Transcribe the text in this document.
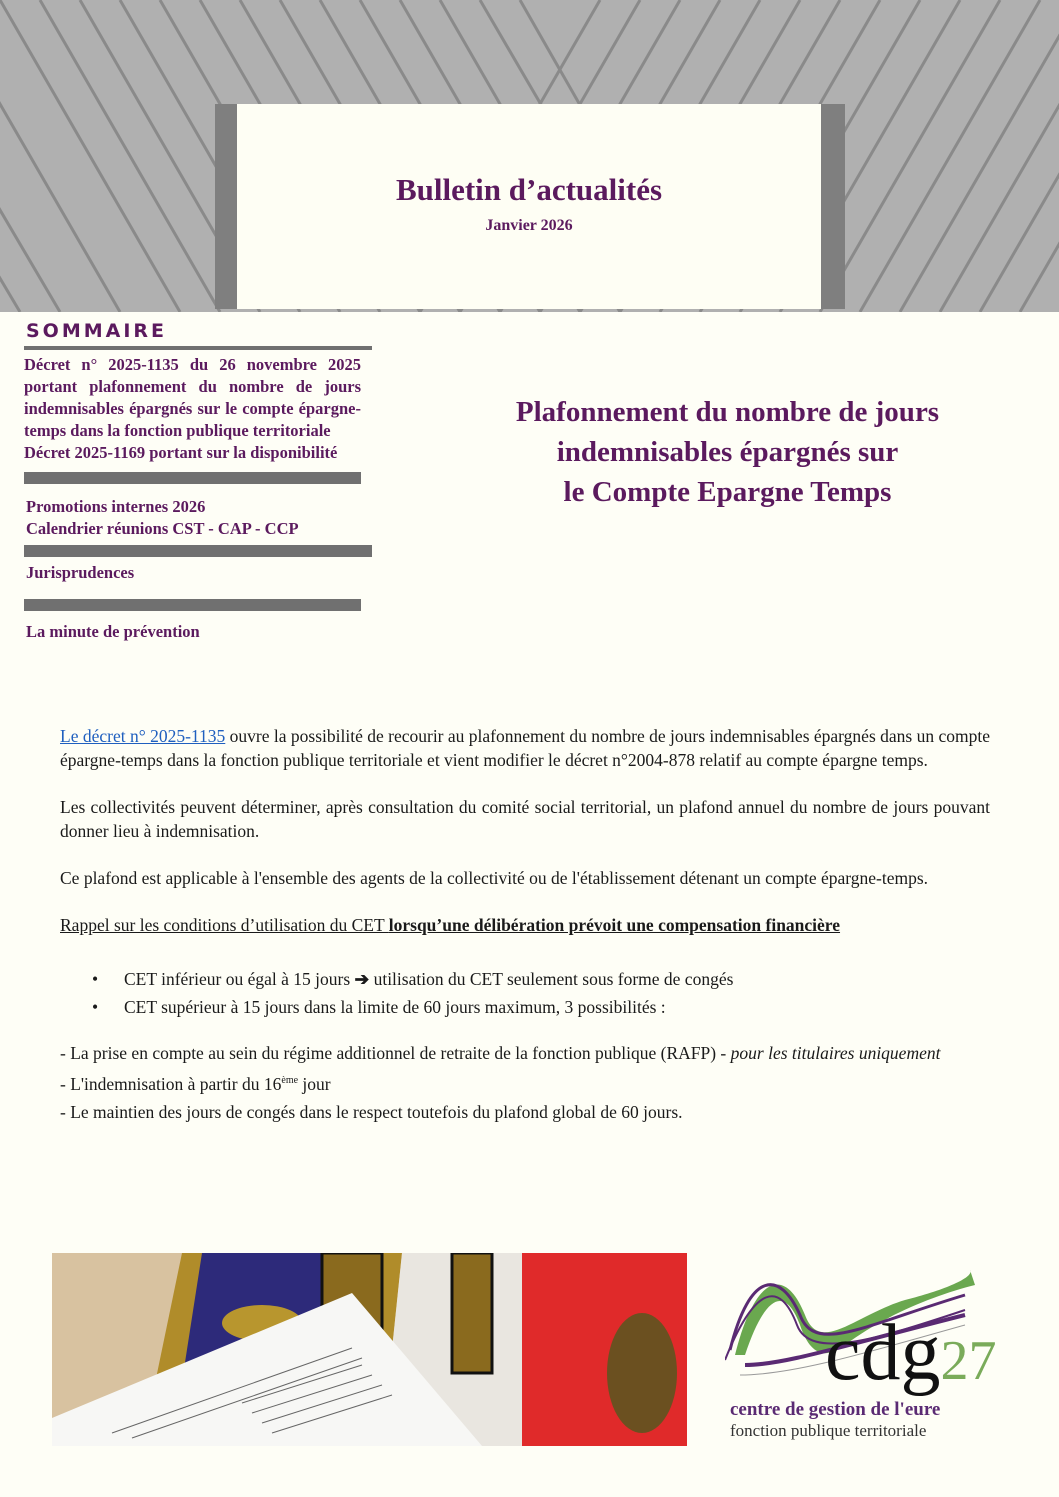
Bulletin d’actualités
Janvier 2026
SOMMAIRE
Décret n° 2025-1135 du 26 novembre 2025 portant plafonnement du nombre de jours indemnisables épargnés sur le compte épargne-temps dans la fonction publique territoriale
Décret 2025-1169 portant sur la disponibilité
Promotions internes 2026
Calendrier réunions CST - CAP - CCP
Jurisprudences
La minute de prévention
Plafonnement du nombre de jours
indemnisables épargnés sur
le Compte Epargne Temps

Le décret n° 2025-1135 ouvre la possibilité de recourir au plafonnement du nombre de jours indemnisables épargnés dans un compte épargne-temps dans la fonction publique territoriale et vient modifier le décret n°2004-878 relatif au compte épargne temps.

Les collectivités peuvent déterminer, après consultation du comité social territorial, un plafond annuel du nombre de jours pouvant donner lieu à indemnisation.

Ce plafond est applicable à l'ensemble des agents de la collectivité ou de l'établissement détenant un compte épargne-temps.

Rappel sur les conditions d’utilisation du CET lorsqu’une délibération prévoit une compensation financière

• CET inférieur ou égal à 15 jours ➔ utilisation du CET seulement sous forme de congés
• CET supérieur à 15 jours dans la limite de 60 jours maximum, 3 possibilités :

- La prise en compte au sein du régime additionnel de retraite de la fonction publique (RAFP) - pour les titulaires uniquement

- L'indemnisation à partir du 16ème jour

- Le maintien des jours de congés dans le respect toutefois du plafond global de 60 jours.

cdg27
centre de gestion de l'eure
fonction publique territoriale
